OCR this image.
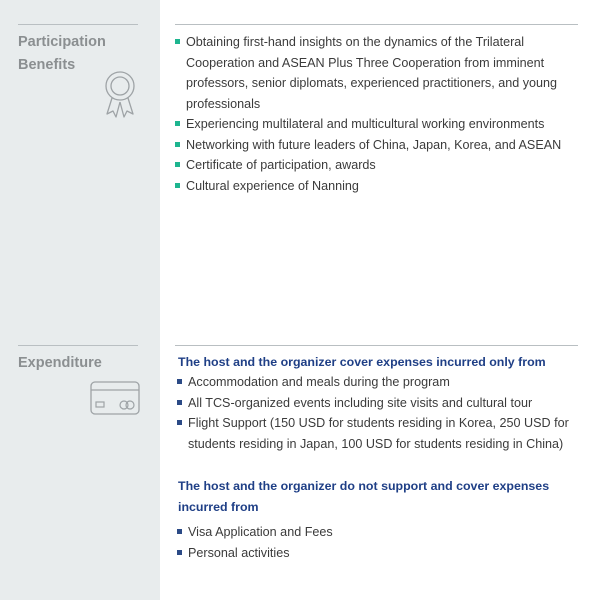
Participation Benefits
Obtaining first-hand insights on the dynamics of the Trilateral Cooperation and ASEAN Plus Three Cooperation from imminent professors, senior diplomats, experienced practitioners, and young professionals
Experiencing multilateral and multicultural working environments
Networking with future leaders of China, Japan, Korea, and ASEAN
Certificate of participation, awards
Cultural experience of Nanning
Expenditure	The host and the organizer cover expenses incurred only from
Accommodation and meals during the program
All TCS-organized events including site visits and cultural tour
Flight Support (150 USD for students residing in Korea, 250 USD for students residing in Japan, 100 USD for students residing in China)
The host and the organizer do not support and cover expenses incurred from
Visa Application and Fees
Personal activities
